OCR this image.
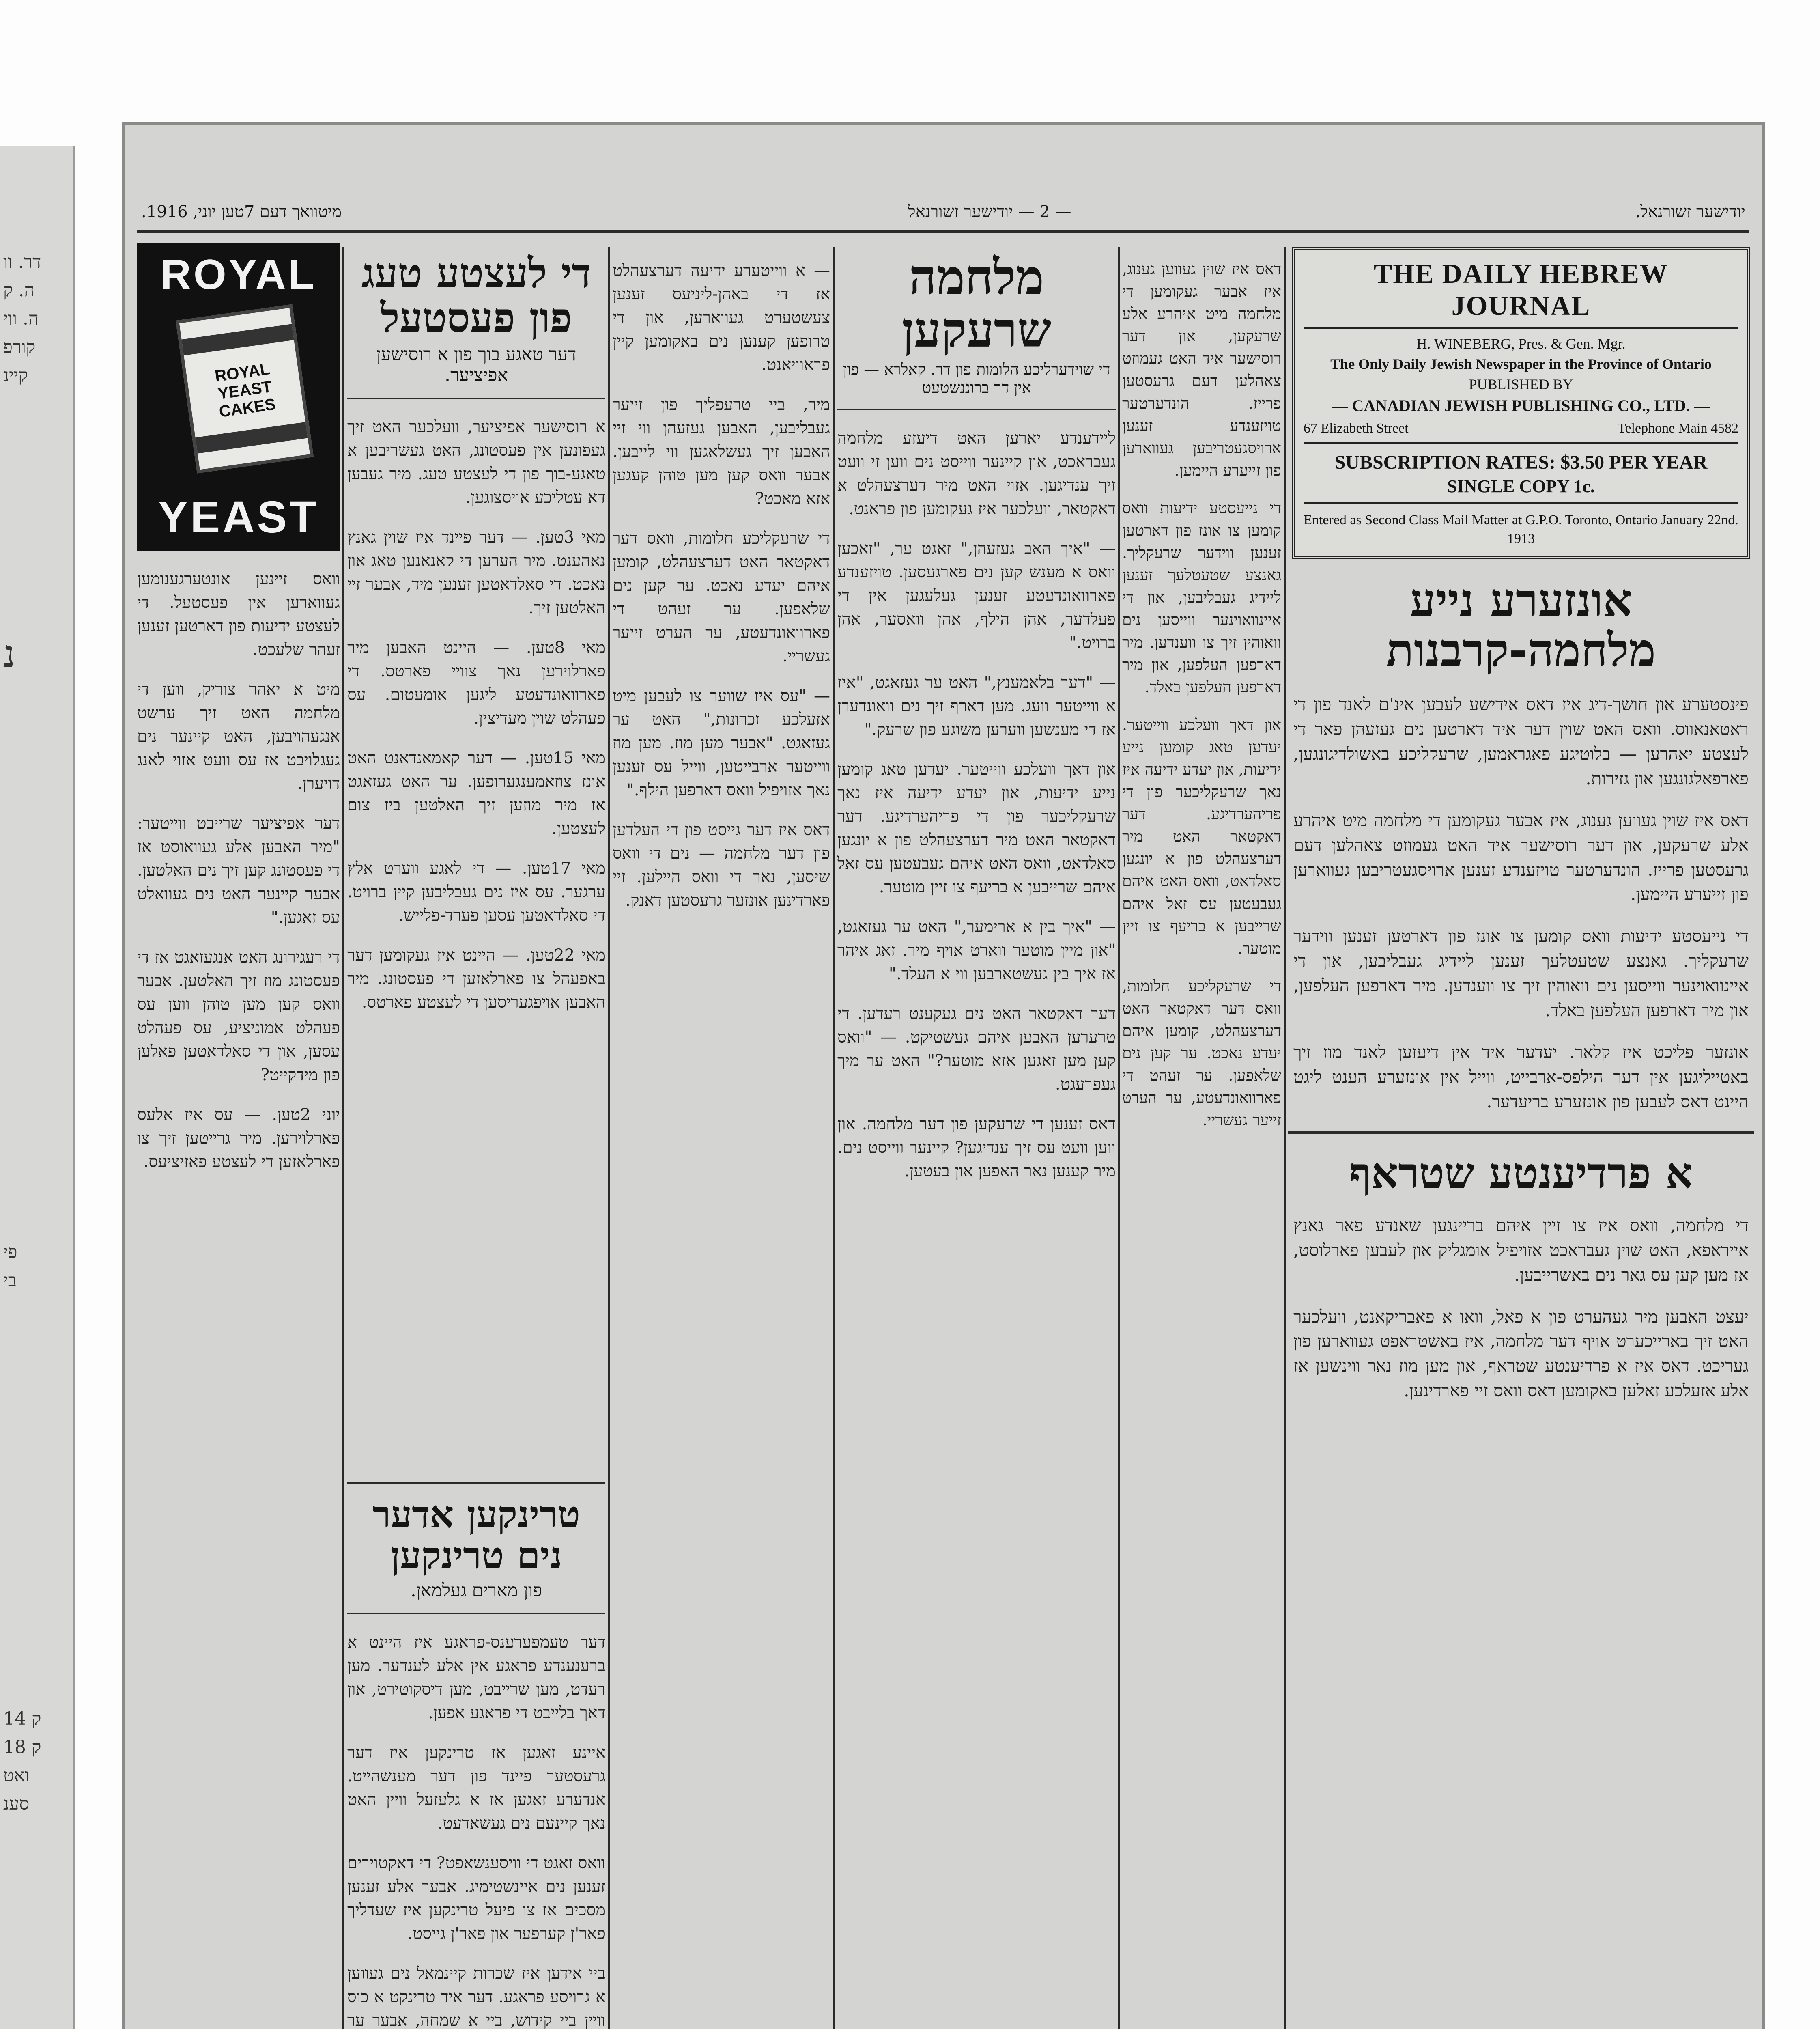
דר. וו
ה. ק
ה. ווי
קורפ
קיינ
נ
פי
בי
14 ק
18 ק
ואט
סענ
מיטוואך דעם 7טען יוני, 1916.	— 2 — יודישער זשורנאל	יודישער זשורנאל.
ROYAL
ROYAL YEAST CAKES
YEAST

וואס זיינען אונטערגענומען געווארען אין פעסטעל. די לעצטע ידיעות פון דארטען זענען זעהר שלעכט.

מיט א יאהר צוריק, ווען די מלחמה האט זיך ערשט אנגעהויבען, האט קיינער נים געגלויבט אז עס וועט אזוי לאנג דויערן.

דער אפיציער שרייבט ווייטער: "מיר האבען אלע געוואוסט אז די פעסטונג קען זיך נים האלטען. אבער קיינער האט נים געוואלט עס זאגען."

די רעגירונג האט אנגעזאגט אז די פעסטונג מוז זיך האלטען. אבער וואס קען מען טוהן ווען עס פעהלט אמוניציע, עס פעהלט עסען, און די סאלדאטען פאלען פון מידקייט?

יוני 2טען. — עס איז אלעס פארלוירען. מיר גרייטען זיך צו פארלאזען די לעצטע פאזיציעס.

די לעצטע טעג פון פעסטעל
דער טאגע בוך פון א רוסישען אפיציער.

א רוסישער אפיציער, וועלכער האט זיך געפונען אין פעסטונג, האט געשריבען א טאגע-בוך פון די לעצטע טעג. מיר געבען דא עטליכע אויסצוגען.

מאי 3טען. — דער פיינד איז שוין גאנץ נאהענט. מיר הערען די קאנאנען טאג און נאכט. די סאלדאטען זענען מיד, אבער זיי האלטען זיך.

מאי 8טען. — היינט האבען מיר פארלוירען נאך צוויי פארטס. די פארוואונדעטע ליגען אומעטום. עס פעהלט שוין מעדיצין.

מאי 15טען. — דער קאמאנדאנט האט אונז צוזאמענגערופען. ער האט געזאגט אז מיר מוזען זיך האלטען ביז צום לעצטען.

מאי 17טען. — די לאגע ווערט אלץ ערגער. עס איז נים געבליבען קיין ברויט. די סאלדאטען עסען פערד-פלייש.

מאי 22טען. — היינט איז געקומען דער באפעהל צו פארלאזען די פעסטונג. מיר האבען אויפגעריסען די לעצטע פארטס.

טרינקען אדער נים טרינקען
פון מארים געלמאן.

דער טעמפערענס-פראגע איז היינט א ברענענדע פראגע אין אלע לענדער. מען רעדט, מען שרייבט, מען דיסקוטירט, און דאך בלייבט די פראגע אפען.

איינע זאגען אז טרינקען איז דער גרעסטער פיינד פון דער מענשהייט. אנדערע זאגען אז א גלעזעל וויין האט נאך קיינעם נים געשאדעט.

וואס זאגט די וויסענשאפט? די דאקטוירים זענען נים איינשטימיג. אבער אלע זענען מסכים אז צו פיעל טרינקען איז שעדליך פאר'ן קערפער און פאר'ן גייסט.

ביי אידען איז שכרות קיינמאל נים געווען א גרויסע פראגע. דער איד טרינקט א כוס וויין ביי קידוש, ביי א שמחה, אבער ער

— א ווייטערע ידיעה דערצעהלט אז די באהן-ליניעס זענען צעשטערט געווארען, און די טרופען קענען נים באקומען קיין פראוויאנט.

מיר, ביי טרעפליך פון זייער געבליבען, האבען געזעהן ווי זיי האבען זיך געשלאגען ווי לייבען. אבער וואס קען מען טוהן קעגען אזא מאכט?

די שרעקליכע חלומות, וואס דער דאקטאר האט דערצעהלט, קומען איהם יעדע נאכט. ער קען נים שלאפען. ער זעהט די פארוואונדעטע, ער הערט זייער געשריי.

— "עס איז שווער צו לעבען מיט אזעלכע זכרונות," האט ער געזאגט. "אבער מען מוז. מען מוז ווייטער ארבייטען, ווייל עס זענען נאך אזויפיל וואס דארפען הילף."

דאס איז דער גייסט פון די העלדען פון דער מלחמה — נים די וואס שיסען, נאר די וואס היילען. זיי פארדינען אונזער גרעסטען דאנק.

מלחמה שרעקען
די שוידערליכע הלומות פון דר. קאלרא — פון אין דר ברוננשטעט

ליידענדע יארען האט דיעזע מלחמה געבראכט, און קיינער ווייסט נים ווען זי וועט זיך ענדיגען. אזוי האט מיר דערצעהלט א דאקטאר, וועלכער איז געקומען פון פראנט.

— "איך האב געזעהן," זאגט ער, "זאכען וואס א מענש קען נים פארגעסען. טויזענדע פארוואונדעטע זענען געלעגען אין די פעלדער, אהן הילף, אהן וואסער, אהן ברויט."

— "דער בלאמענץ," האט ער געזאגט, "איז א ווייטער וועג. מען דארף זיך נים וואונדערן אז די מענשען ווערען משוגע פון שרעק."

און דאך וועלכע ווייטער. יעדען טאג קומען נייע ידיעות, און יעדע ידיעה איז נאך שרעקליכער פון די פריהערדיגע. דער דאקטאר האט מיר דערצעהלט פון א יונגען סאלדאט, וואס האט איהם געבעטען עס זאל איהם שרייבען א בריעף צו זיין מוטער.

— "איך בין א ארימער," האט ער געזאגט, "און מיין מוטער ווארט אויף מיר. זאג איהר אז איך בין געשטארבען ווי א העלד."

דער דאקטאר האט נים געקענט רעדען. די טרערען האבען איהם געשטיקט. — "וואס קען מען זאגען אזא מוטער?" האט ער מיך געפרעגט.

דאס זענען די שרעקען פון דער מלחמה. און ווען וועט עס זיך ענדיגען? קיינער ווייסט נים. מיר קענען נאר האפען און בעטען.

THE DAILY HEBREW JOURNAL
H. WINEBERG, Pres. & Gen. Mgr.
The Only Daily Jewish Newspaper in the Province of Ontario
PUBLISHED BY
— CANADIAN JEWISH PUBLISHING CO., LTD. —
67 Elizabeth Street	Telephone Main 4582
SUBSCRIPTION RATES: $3.50 PER YEAR
SINGLE COPY 1c.
Entered as Second Class Mail Matter at G.P.O. Toronto, Ontario January 22nd. 1913
אונזערע נייע מלחמה-קרבנות

פינסטערע און חושך-דיג איז דאס אידישע לעבען אינ'ם לאנד פון די ראטאנאווס. וואס האט שוין דער איד דארטען נים געזעהן פאר די לעצטע יאהרען — בלוטיגע פאגראמען, שרעקליכע באשולדיגונגען, פארפאלגונגען און גזירות.

דאס איז שוין געווען גענוג, איז אבער געקומען די מלחמה מיט איהרע אלע שרעקען, און דער רוסישער איד האט געמוזט צאהלען דעם גרעסטען פרייז. הונדערטער טויזענדע זענען ארויסגעטריבען געווארען פון זייערע היימען.

די נייעסטע ידיעות וואס קומען צו אונז פון דארטען זענען ווידער שרעקליך. גאנצע שטעטלעך זענען ליידיג געבליבען, און די איינוואוינער ווייסען נים וואוהין זיך צו ווענדען. מיר דארפען העלפען, און מיר דארפען העלפען באלד.

אונזער פליכט איז קלאר. יעדער איד אין דיעזען לאנד מוז זיך באטייליגען אין דער הילפס-ארבייט, ווייל אין אונזערע הענט ליגט היינט דאס לעבען פון אונזערע בריעדער.

א פרדיענטע שטראף

די מלחמה, וואס איז צו זיין איהם בריינגען שאנדע פאר גאנץ אייראפא, האט שוין געבראכט אזויפיל אומגליק און לעבען פארלוסט, אז מען קען עס גאר נים באשרייבען.

יעצט האבען מיר געהערט פון א פאל, וואו א פאבריקאנט, וועלכער האט זיך בארייכערט אויף דער מלחמה, איז באשטראפט געווארען פון געריכט. דאס איז א פרדיענטע שטראף, און מען מוז נאר ווינשען אז אלע אזעלכע זאלען באקומען דאס וואס זיי פארדינען.

דאס איז שוין געווען גענוג, איז אבער געקומען די מלחמה מיט איהרע אלע שרעקען, און דער רוסישער איד האט געמוזט צאהלען דעם גרעסטען פרייז. הונדערטער טויזענדע זענען ארויסגעטריבען געווארען פון זייערע היימען.

די נייעסטע ידיעות וואס קומען צו אונז פון דארטען זענען ווידער שרעקליך. גאנצע שטעטלעך זענען ליידיג געבליבען, און די איינוואוינער ווייסען נים וואוהין זיך צו ווענדען. מיר דארפען העלפען, און מיר דארפען העלפען באלד.

און דאך וועלכע ווייטער. יעדען טאג קומען נייע ידיעות, און יעדע ידיעה איז נאך שרעקליכער פון די פריהערדיגע. דער דאקטאר האט מיר דערצעהלט פון א יונגען סאלדאט, וואס האט איהם געבעטען עס זאל איהם שרייבען א בריעף צו זיין מוטער.

די שרעקליכע חלומות, וואס דער דאקטאר האט דערצעהלט, קומען איהם יעדע נאכט. ער קען נים שלאפען. ער זעהט די פארוואונדעטע, ער הערט זייער געשריי.
